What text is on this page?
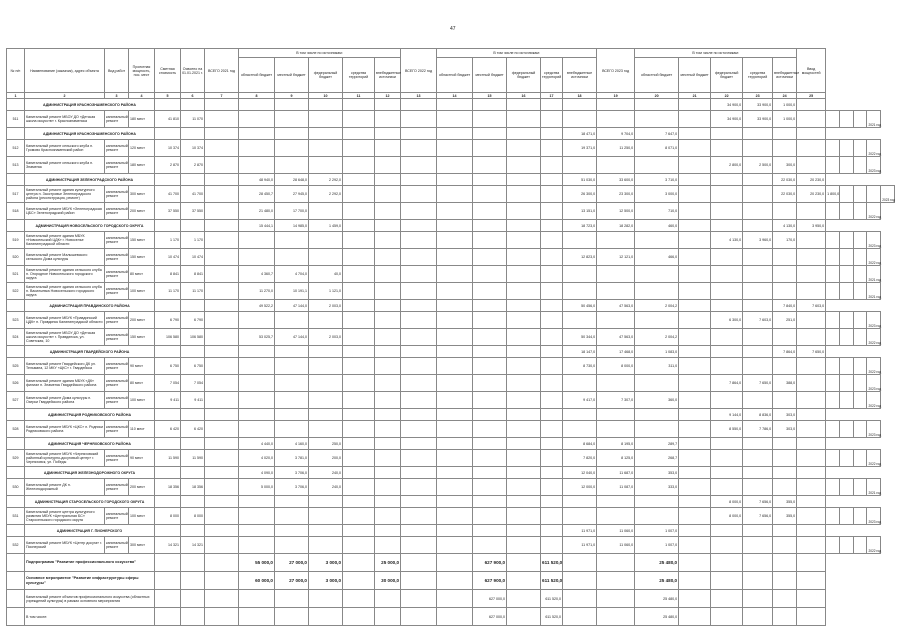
47
№ п/п	Наименование (заказчик), адрес объекта	Вид работ	Проектная мощность, пос. мест	Сметная стоимость	Освоено на 01.01.2021 г.	ВСЕГО 2021 год	В том числе по источникам:					ВСЕГО 2022 год	В том числе по источникам:					ВСЕГО 2023 год	В том числе по источникам:					Ввод мощностей					
							областной бюджет	местный бюджет	федеральный бюджет	средства территорий	внебюджетные источники		областной бюджет	местный бюджет	федеральный бюджет	средства территорий	внебюджетные источники		областной бюджет	местный бюджет	федеральный бюджет	средства территорий	внебюджетные источники						
1	2	3	4	5	6	7	8	9	10	11	12	13	14	15	16	17	18	19	20	21	22	23	24	25					
	АДМИНИСТРАЦИЯ КРАСНОЗНАМЕНСКОГО РАЙОНА																				34 900,0	33 900,0	1 000,0						
511	Капитальный ремонт МБОУ ДО «Детская школа искусств» г. Краснознаменска	капитальный ремонт	180 мест	41 810	11 070																34 900,0	33 900,0	1 000,0					2021 год	
	АДМИНИСТРАЦИЯ КРАСНОЗНАМЕНСКОГО РАЙОНА																18 471,0	9 704,0	7 647,0										
512	Капитальный ремонт сельского клуба п. Громово Краснознаменский район	капитальный ремонт	120 мест	10 374	10 374												19 371,0	11 250,0	8 071,0									2022 год	
513	Капитальный ремонт сельского клуба п. Знаменск	капитальный ремонт	180 мест	2 870	2 870																2 800,0	2 500,0	300,0					2023 год	
	АДМИНИСТРАЦИЯ ЗЕЛЕНОГРАДСКОГО РАЙОНА						48 940,0	28 648,0	2 292,0								51 030,0	33 600,0	3 710,0				22 030,0	20 230,0					
517	Капитальный ремонт здания культурного центра п. Заостровье Зеленоградского района (реконструкция, ремонт)	капитальный ремонт	300 мест	41 700	41 700		28 450,7	27 945,0	2 292,0								26 300,0	23 300,0	3 000,0				22 030,0	20 230,0	1 800,0				2023 год
518	Капитальный ремонт МБУК «Зеленоградская ЦБС» Зеленоградский район	капитальный ремонт	200 мест	37 550	37 550		21 480,0	17 700,0									13 151,0	12 500,0	710,0									2022 год	
	АДМИНИСТРАЦИЯ НОВОСЕЛЬСКОГО ГОРОДСКОГО ОКРУГА						15 444,1	14 985,0	1 459,0								18 723,0	18 282,0	460,0				4 130,0	3 950,0					
519	Капитальный ремонт здания МБУК «Новосельский ЦДК» г. Новоселье Калининградской области	капитальный ремонт	150 мест	1 170	1 170																4 130,0	3 960,0	170,0					2023 год	
520	Капитальный ремонт Малышевского сельского Дома культуры	капитальный ремонт	150 мест	10 474	10 474												12 823,0	12 121,0	466,0									2022 год	
521	Капитальный ремонт здания сельского клуба п. Огородное Новосельского городского округа	капитальный ремонт	80 мест	8 841	8 841		4 360,7	4 704,0	40,0																			2021 год	
522	Капитальный ремонт здания сельского клуба п. Васильевка Новосельского городского округа	капитальный ремонт	100 мест	11 170	11 170		11 270,0	10 191,1	1 121,0																			2021 год	
	АДМИНИСТРАЦИЯ ПРАВДИНСКОГО РАЙОНА						49 522,2	47 144,0	2 003,0								50 456,0	47 563,0	2 004,2				7 840,0	7 603,0					
523	Капитальный ремонт МБУК «Правдинский ЦДК» п. Правдинск Калининградской области	капитальный ремонт	200 мест	6 790	6 790																6 300,0	7 603,0	251,0					2023 год	
524	Капитальный ремонт МБОУ ДО «Детская школа искусств» г. Правдинска, ул. Советская, 10	капитальный ремонт	150 мест	106 580	106 580		53 025,7	47 144,0	2 003,0								50 344,0	47 563,0	2 004,2									2022 год	
	АДМИНИСТРАЦИЯ ГВАРДЕЙСКОГО РАЙОНА																18 147,0	17 468,0	1 083,0				7 864,0	7 650,0					
525	Капитальный ремонт Гвардейского ДК ул. Тельмана, 12 МКУ «ЦКС» г. Гвардейска	капитальный ремонт	90 мест	6 750	6 750												8 730,0	8 000,0	311,0									2022 год	
526	Капитальный ремонт здания МБУК «ДК» филиал п. Знаменск Гвардейского района	капитальный ремонт	80 мест	7 054	7 054																7 864,0	7 650,0	388,0					2023 год	
527	Капитальный ремонт Дома культуры п. Озерки Гвардейского района	капитальный ремонт	100 мест	9 411	9 411												9 417,0	7 307,0	360,0									2022 год	
	АДМИНИСТРАЦИЯ РОДНИКОВСКОГО РАЙОНА																				9 144,0	8 836,0	303,0						
528	Капитальный ремонт МБУК «ЦКС» п. Родники Родниковского района	капитальный ремонт	110 мест	6 420	6 420																8 550,0	7 786,0	303,0					2023 год	
	АДМИНИСТРАЦИЯ ЧЕРНЯХОВСКОГО РАЙОНА						4 440,0	4 160,0	250,0								8 684,0	8 195,0	289,7										
529	Капитальный ремонт МБУК «Черняховский районный культурно-досуговый центр» г. Черняховск, ул. Победы	капитальный ремонт	90 мест	11 590	11 590		4 020,0	3 781,0	200,0								7 820,0	8 125,0	268,7									2022 год	
	АДМИНИСТРАЦИЯ ЖЕЛЕЗНОДОРОЖНОГО ОКРУГА						4 090,0	3 706,0	240,0								12 040,0	11 687,0	353,0										
530	Капитальный ремонт ДК п. Железнодорожный	капитальный ремонт	200 мест	18 356	18 356		5 000,0	3 706,0	240,0								12 000,0	11 087,0	333,0									2021 год	
	АДМИНИСТРАЦИЯ СТАРОСЕЛЬСКОГО ГОРОДСКОГО ОКРУГА																				8 000,0	7 656,0	355,0						
531	Капитальный ремонт центра культурного развития МБУК «Центральная БС» Старосельского городского округа	капитальный ремонт	100 мест	8 000	8 000																8 000,0	7 656,0	355,0					2023 год	
	АДМИНИСТРАЦИЯ Г. ПИОНЕРСКОГО																11 971,0	11 060,0	1 007,0										
532	Капитальный ремонт МБУК «Центр досуга» г. Пионерский	капитальный ремонт	300 мест	14 321	14 321												11 971,0	11 060,0	1 007,0									2022 год	
	Подпрограмма "Развитие профессионального искусства"						55 000,0	27 000,0	3 000,0		25 000,0			627 900,0		611 520,0			25 480,0										
	Основное мероприятие "Развитие инфраструктуры сферы культуры"						60 000,0	27 000,0	3 000,0		30 000,0			627 900,0		611 520,0			25 480,0										
	Капитальный ремонт объектов профессионального искусства (областных учреждений культуры) в рамках основного мероприятия													627 000,0		611 520,0			25 480,0										
	В том числе:													627 000,0		611 520,0			25 480,0										
